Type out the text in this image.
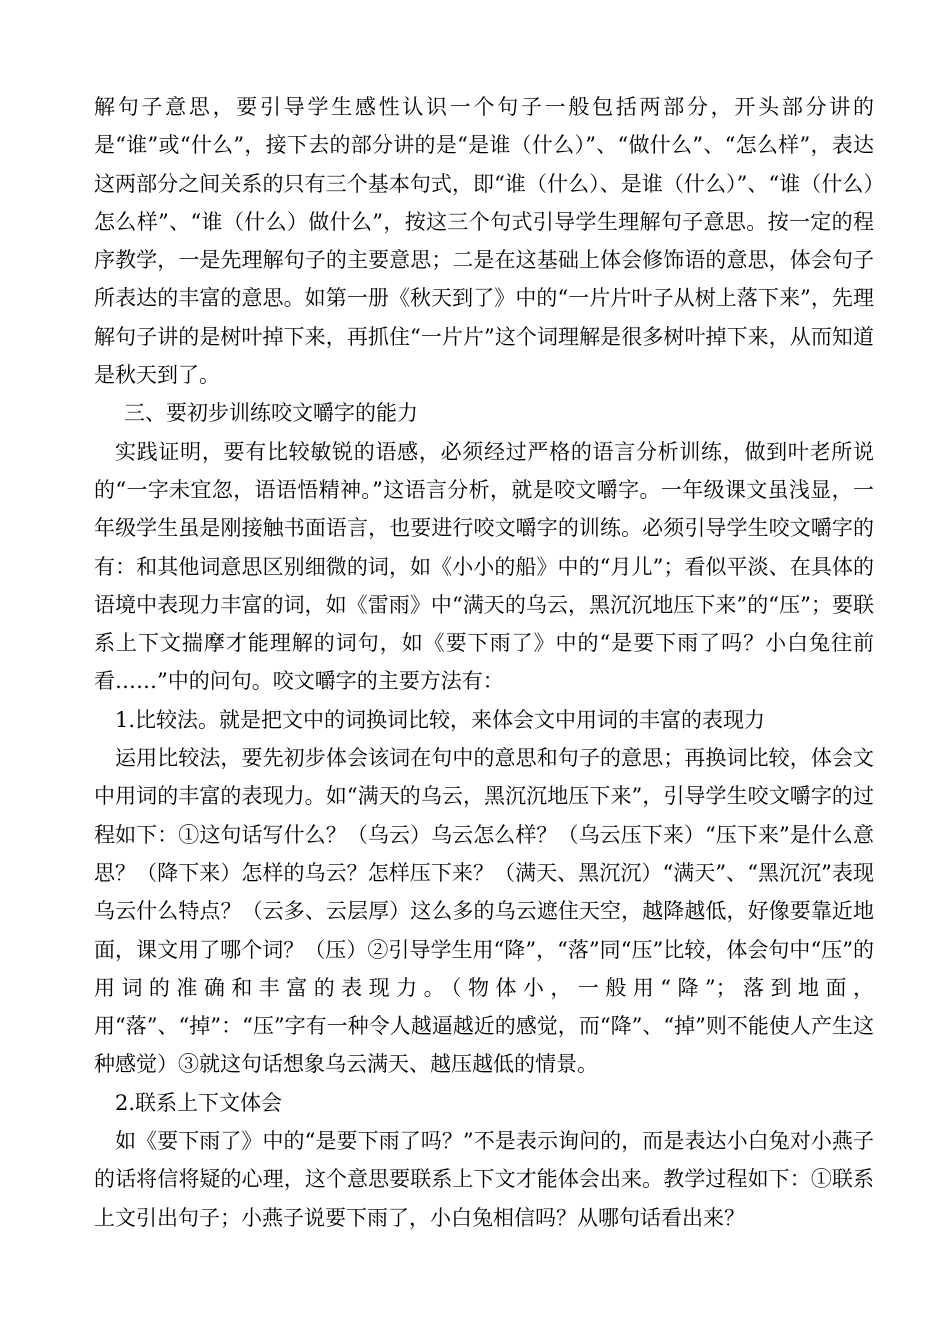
解句子意思，要引导学生感性认识一个句子一般包括两部分，开头部分讲的是“谁”或“什么”，接下去的部分讲的是“是谁（什么）”、“做什么”、“怎么样”，表达这两部分之间关系的只有三个基本句式，即“谁（什么）、是谁（什么）”、“谁（什么）怎么样”、“谁（什么）做什么”，按这三个句式引导学生理解句子意思。按一定的程序教学，一是先理解句子的主要意思；二是在这基础上体会修饰语的意思，体会句子所表达的丰富的意思。如第一册《秋天到了》中的“一片片叶子从树上落下来”，先理解句子讲的是树叶掉下来，再抓住“一片片”这个词理解是很多树叶掉下来，从而知道是秋天到了。

三、要初步训练咬文嚼字的能力

实践证明，要有比较敏锐的语感，必须经过严格的语言分析训练，做到叶老所说的“一字未宜忽，语语悟精神。”这语言分析，就是咬文嚼字。一年级课文虽浅显，一年级学生虽是刚接触书面语言，也要进行咬文嚼字的训练。必须引导学生咬文嚼字的有：和其他词意思区别细微的词，如《小小的船》中的“月儿”；看似平淡、在具体的语境中表现力丰富的词，如《雷雨》中“满天的乌云，黑沉沉地压下来”的“压”；要联系上下文揣摩才能理解的词句，如《要下雨了》中的“是要下雨了吗？小白兔往前看……”中的问句。咬文嚼字的主要方法有：

1.比较法。就是把文中的词换词比较，来体会文中用词的丰富的表现力

运用比较法，要先初步体会该词在句中的意思和句子的意思；再换词比较，体会文中用词的丰富的表现力。如“满天的乌云，黑沉沉地压下来”，引导学生咬文嚼字的过程如下：①这句话写什么？（乌云）乌云怎么样？（乌云压下来）“压下来”是什么意思？（降下来）怎样的乌云？怎样压下来？（满天、黑沉沉）“满天”、“黑沉沉”表现乌云什么特点？（云多、云层厚）这么多的乌云遮住天空，越降越低，好像要靠近地面，课文用了哪个词？（压）②引导学生用“降”，“落”同“压”比较，体会句中“压”的用词的准确和丰富的表现力。（物体小，一般用“降”；落到地面，用“落”、“掉”：“压”字有一种令人越逼越近的感觉，而“降”、“掉”则不能使人产生这种感觉）③就这句话想象乌云满天、越压越低的情景。

2.联系上下文体会

如《要下雨了》中的“是要下雨了吗？”不是表示询问的，而是表达小白兔对小燕子的话将信将疑的心理，这个意思要联系上下文才能体会出来。教学过程如下：①联系上文引出句子；小燕子说要下雨了，小白兔相信吗？从哪句话看出来？
